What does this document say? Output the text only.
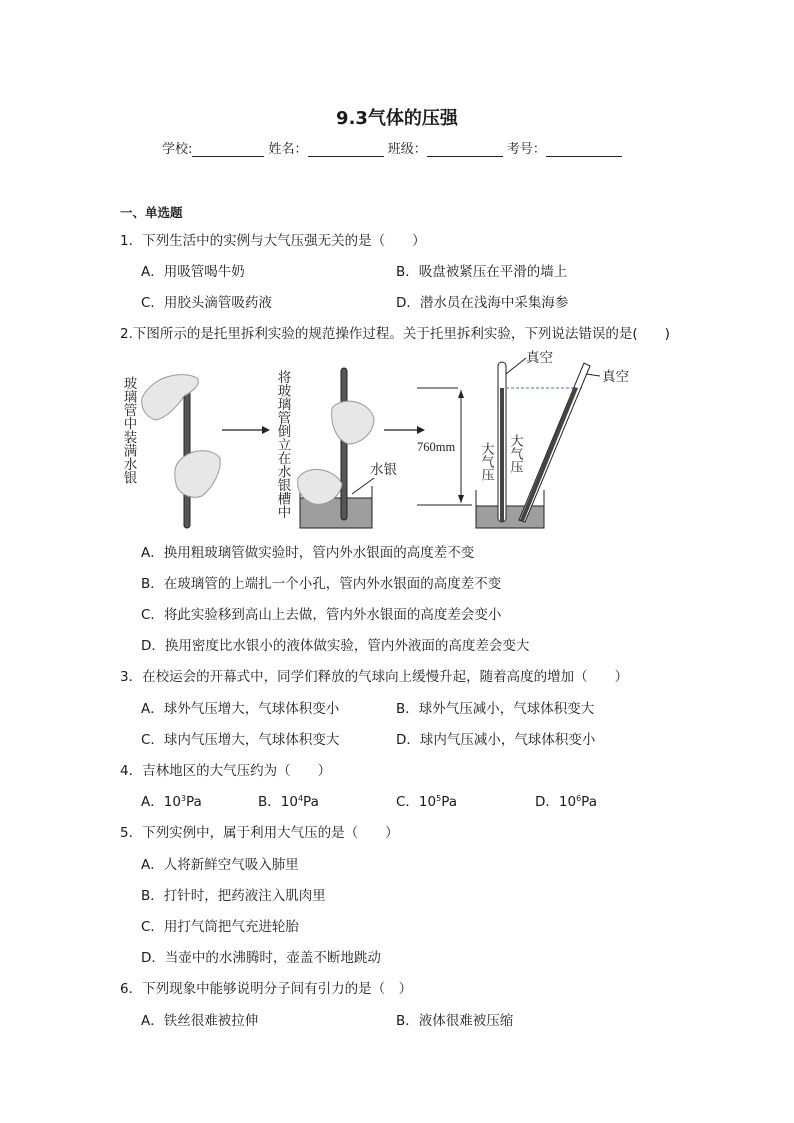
9.3气体的压强
学校:	姓名：	班级：	考号：
一、单选题
1．下列生活中的实例与大气压强无关的是（　　）
A．用吸管喝牛奶	B．吸盘被紧压在平滑的墙上
C．用胶头滴管吸药液	D．潜水员在浅海中采集海参
2.下图所示的是托里拆利实验的规范操作过程。关于托里拆利实验，下列说法错误的是(　　)
玻璃管中装满水银	将玻璃管倒立在水银槽中	水银
760mm
真空
真空
大气压 大气压
A．换用粗玻璃管做实验时，管内外水银面的高度差不变
B．在玻璃管的上端扎一个小孔，管内外水银面的高度差不变
C．将此实验移到高山上去做，管内外水银面的高度差会变小
D．换用密度比水银小的液体做实验，管内外液面的高度差会变大
3．在校运会的开幕式中，同学们释放的气球向上缓慢升起，随着高度的增加（　　）
A．球外气压增大，气球体积变小	B．球外气压减小，气球体积变大
C．球内气压增大，气球体积变大	D．球内气压减小，气球体积变小
4．吉林地区的大气压约为（　　）
A．$10^3Pa$	B．$10^4Pa$	C．$10^5Pa$	D．$10^6Pa$
5．下列实例中，属于利用大气压的是（　　）
A．人将新鲜空气吸入肺里
B．打针时，把药液注入肌肉里
C．用打气筒把气充进轮胎
D．当壶中的水沸腾时，壶盖不断地跳动
6．下列现象中能够说明分子间有引力的是（　）
A．铁丝很难被拉伸	B．液体很难被压缩
